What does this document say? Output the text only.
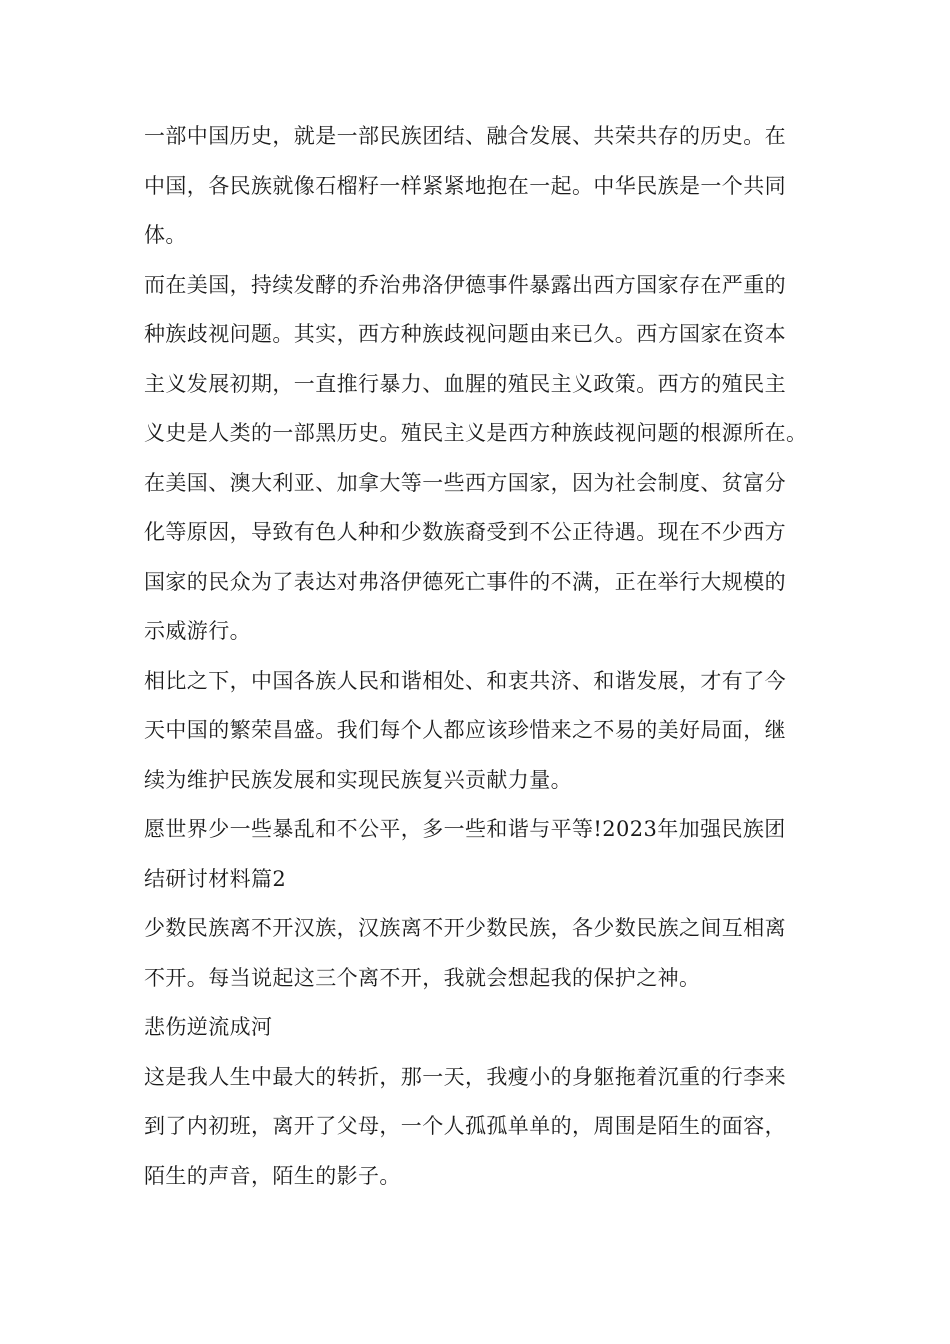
一部中国历史，就是一部民族团结、融合发展、共荣共存的历史。在
中国，各民族就像石榴籽一样紧紧地抱在一起。中华民族是一个共同
体。

而在美国，持续发酵的乔治弗洛伊德事件暴露出西方国家存在严重的
种族歧视问题。其实，西方种族歧视问题由来已久。西方国家在资本
主义发展初期，一直推行暴力、血腥的殖民主义政策。西方的殖民主
义史是人类的一部黑历史。殖民主义是西方种族歧视问题的根源所在。
在美国、澳大利亚、加拿大等一些西方国家，因为社会制度、贫富分
化等原因，导致有色人种和少数族裔受到不公正待遇。现在不少西方
国家的民众为了表达对弗洛伊德死亡事件的不满，正在举行大规模的
示威游行。

相比之下，中国各族人民和谐相处、和衷共济、和谐发展，才有了今
天中国的繁荣昌盛。我们每个人都应该珍惜来之不易的美好局面，继
续为维护民族发展和实现民族复兴贡献力量。

愿世界少一些暴乱和不公平，多一些和谐与平等!2023年加强民族团
结研讨材料篇2

少数民族离不开汉族，汉族离不开少数民族，各少数民族之间互相离
不开。每当说起这三个离不开，我就会想起我的保护之神。

悲伤逆流成河

这是我人生中最大的转折，那一天，我瘦小的身躯拖着沉重的行李来
到了内初班，离开了父母，一个人孤孤单单的，周围是陌生的面容，
陌生的声音，陌生的影子。
